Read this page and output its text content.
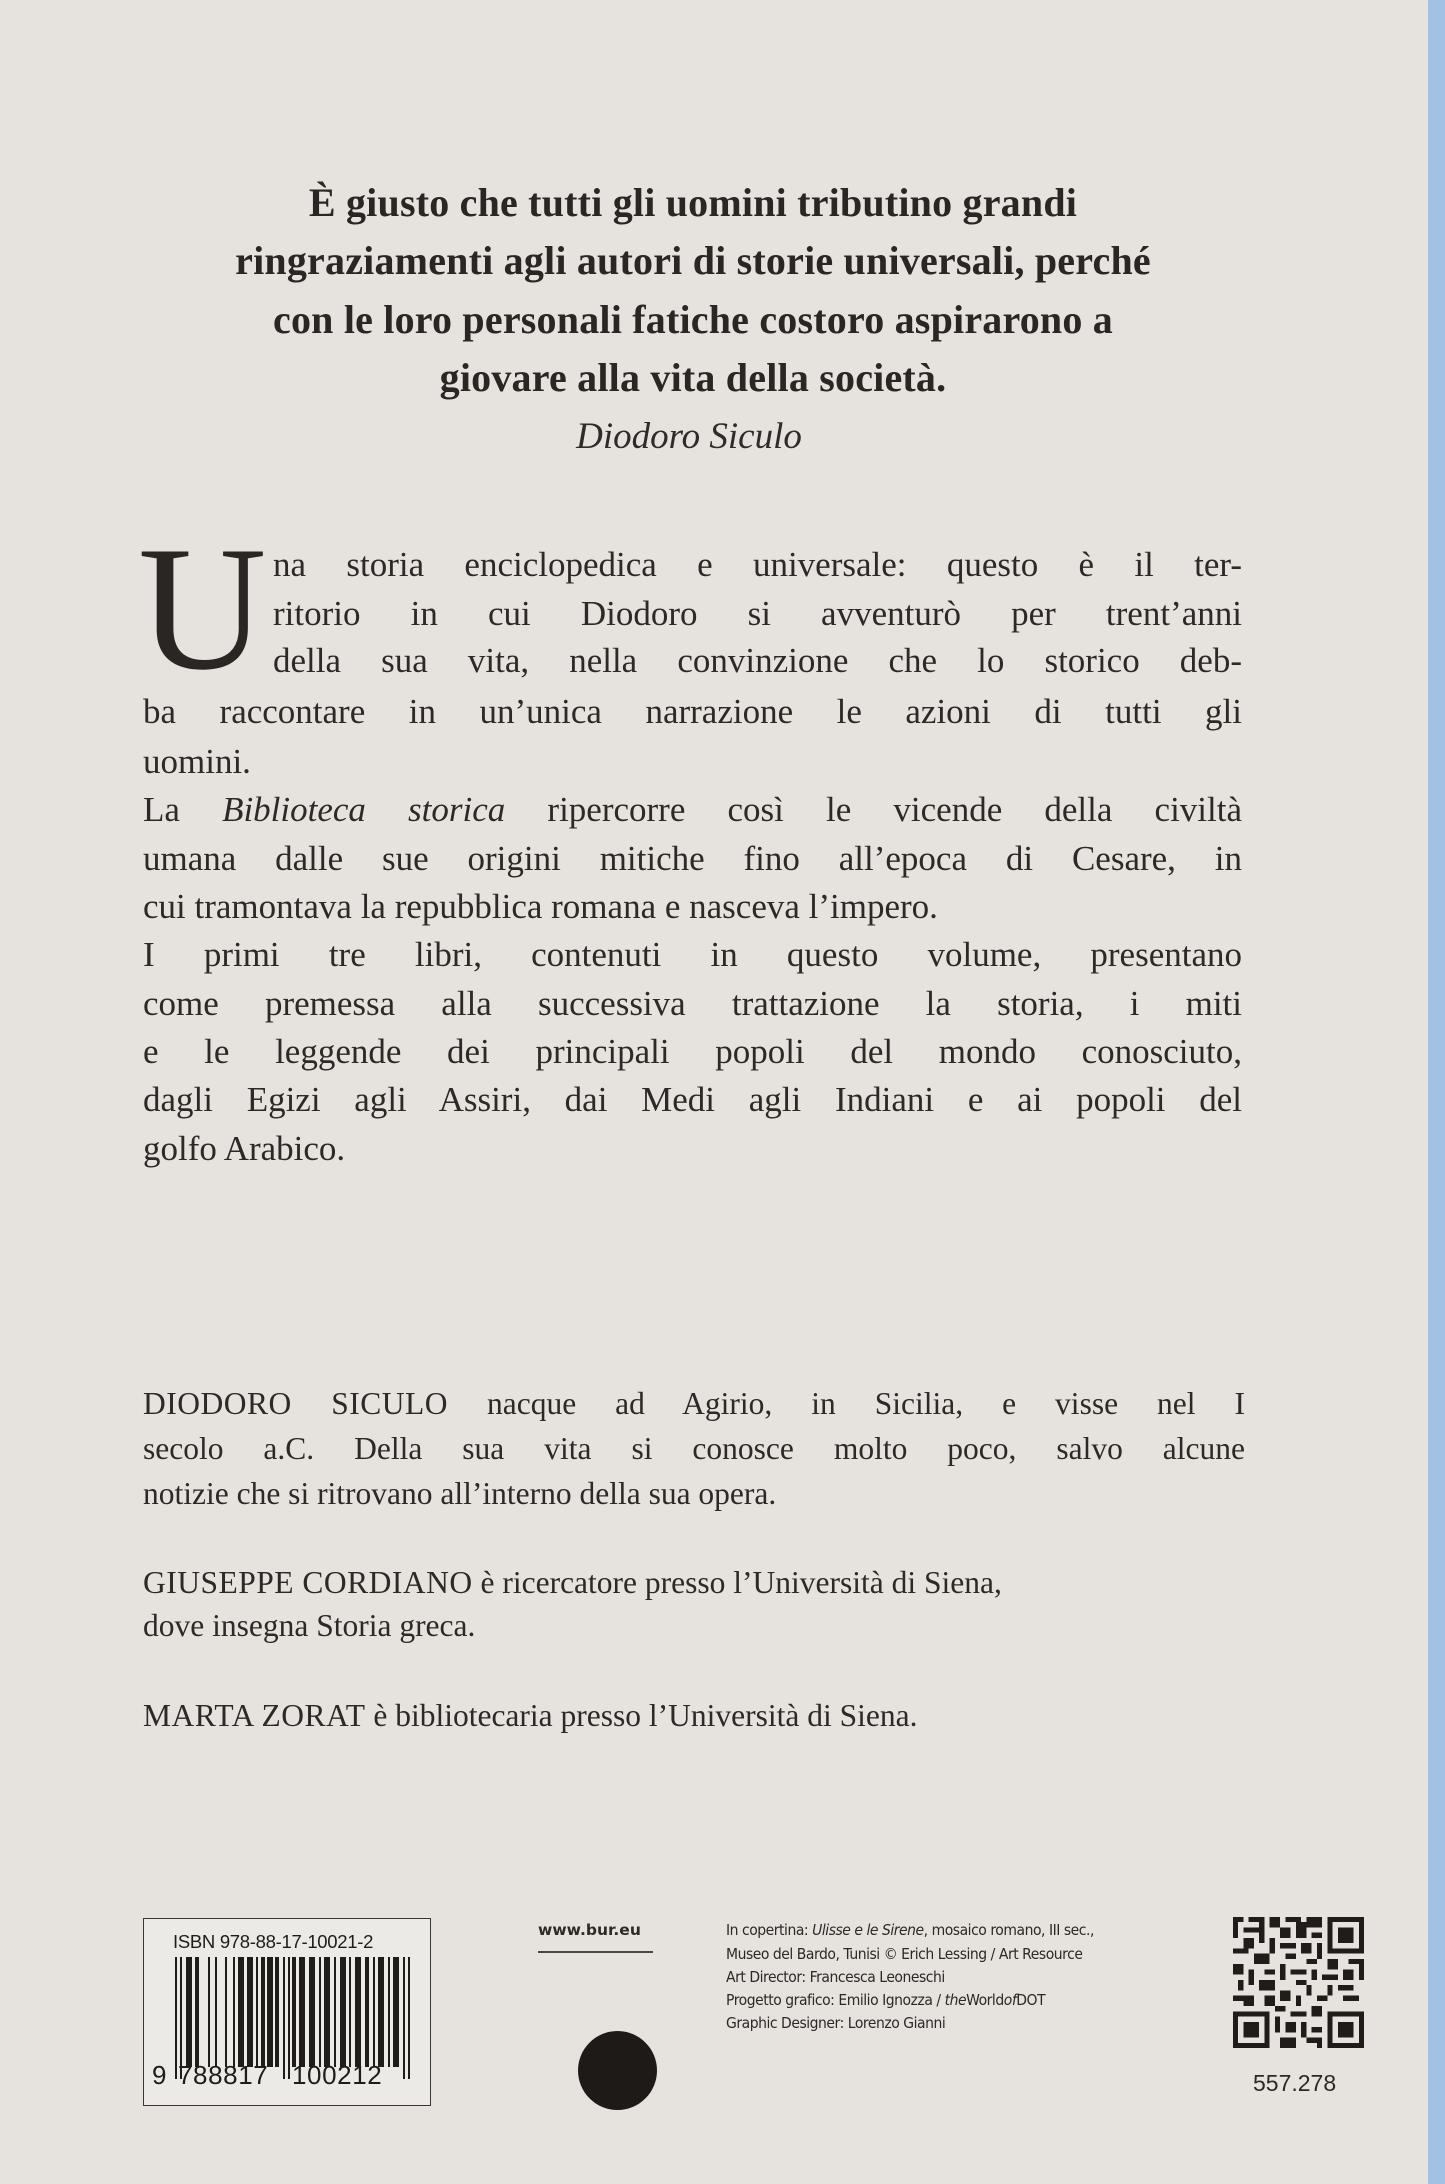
È giusto che tutti gli uomini tributino grandi
ringraziamenti agli autori di storie universali, perché
con le loro personali fatiche costoro aspirarono a
giovare alla vita della società.
Diodoro Siculo
U na storia enciclopedica e universale: questo è il ter-
ritorio in cui Diodoro si avventurò per trent’anni
della sua vita, nella convinzione che lo storico deb-
ba raccontare in un’unica narrazione le azioni di tutti gli
uomini.
La Biblioteca storica ripercorre così le vicende della civiltà
umana dalle sue origini mitiche fino all’epoca di Cesare, in
cui tramontava la repubblica romana e nasceva l’impero.
I primi tre libri, contenuti in questo volume, presentano
come premessa alla successiva trattazione la storia, i miti
e le leggende dei principali popoli del mondo conosciuto,
dagli Egizi agli Assiri, dai Medi agli Indiani e ai popoli del
golfo Arabico.
DIODORO SICULO nacque ad Agirio, in Sicilia, e visse nel I
secolo a.C. Della sua vita si conosce molto poco, salvo alcune
notizie che si ritrovano all’interno della sua opera.
GIUSEPPE CORDIANO è ricercatore presso l’Università di Siena,
dove insegna Storia greca.
MARTA ZORAT è bibliotecaria presso l’Università di Siena.
ISBN 978-88-17-10021-2
9 788817 100212
www.bur.eu	In copertina: Ulisse e le Sirene, mosaico romano, III sec.,
Museo del Bardo, Tunisi © Erich Lessing / Art Resource
Art Director: Francesca Leoneschi
Progetto grafico: Emilio Ignozza / theWorldofDOT
Graphic Designer: Lorenzo Gianni
557.278
